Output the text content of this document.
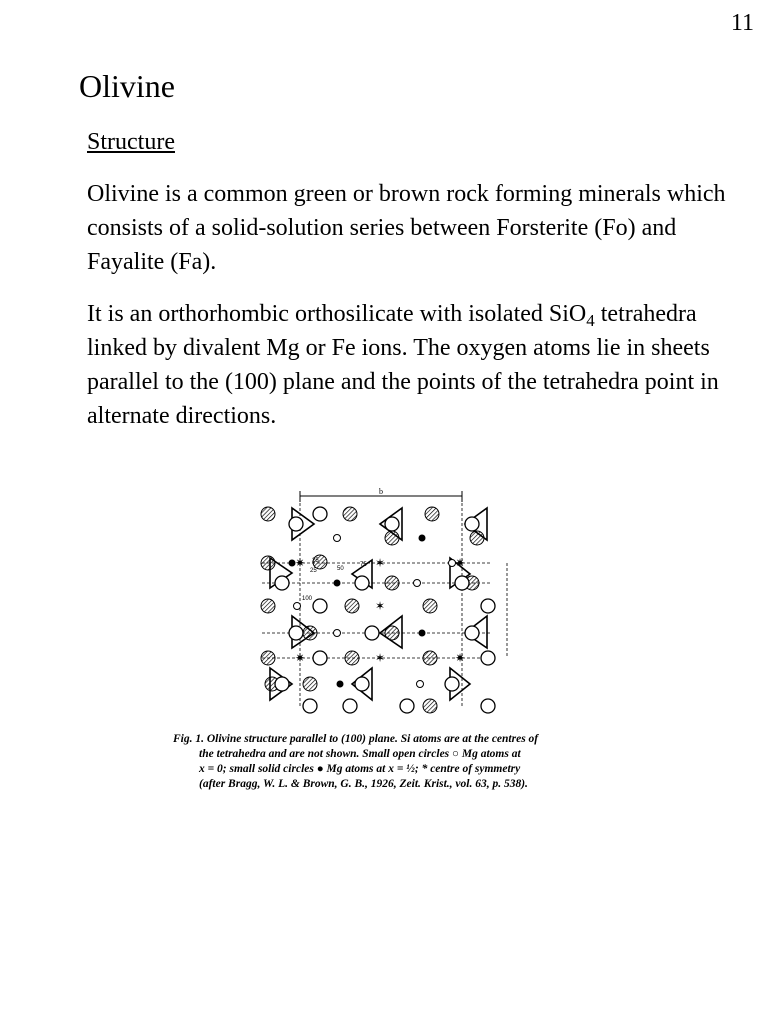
11
Olivine
Structure

Olivine is a common green or brown rock forming minerals which consists of a solid-solution series between Forsterite (Fo) and Fayalite (Fa).

It is an orthorhombic orthosilicate with isolated SiO$_4$ tetrahedra linked by divalent Mg or Fe ions. The oxygen atoms lie in sheets parallel to the (100) plane and the points of the tetrahedra point in alternate directions.

b
✶
✶
✶
✷	✷
✷	✷
25	50
75
25
100
Fig. 1. Olivine structure parallel to (100) plane. Si atoms are at the centres of
the tetrahedra and are not shown. Small open circles ○ Mg atoms at
x = 0; small solid circles ● Mg atoms at x = ½; * centre of symmetry
(after Bragg, W. L. & Brown, G. B., 1926, Zeit. Krist., vol. 63, p. 538).
